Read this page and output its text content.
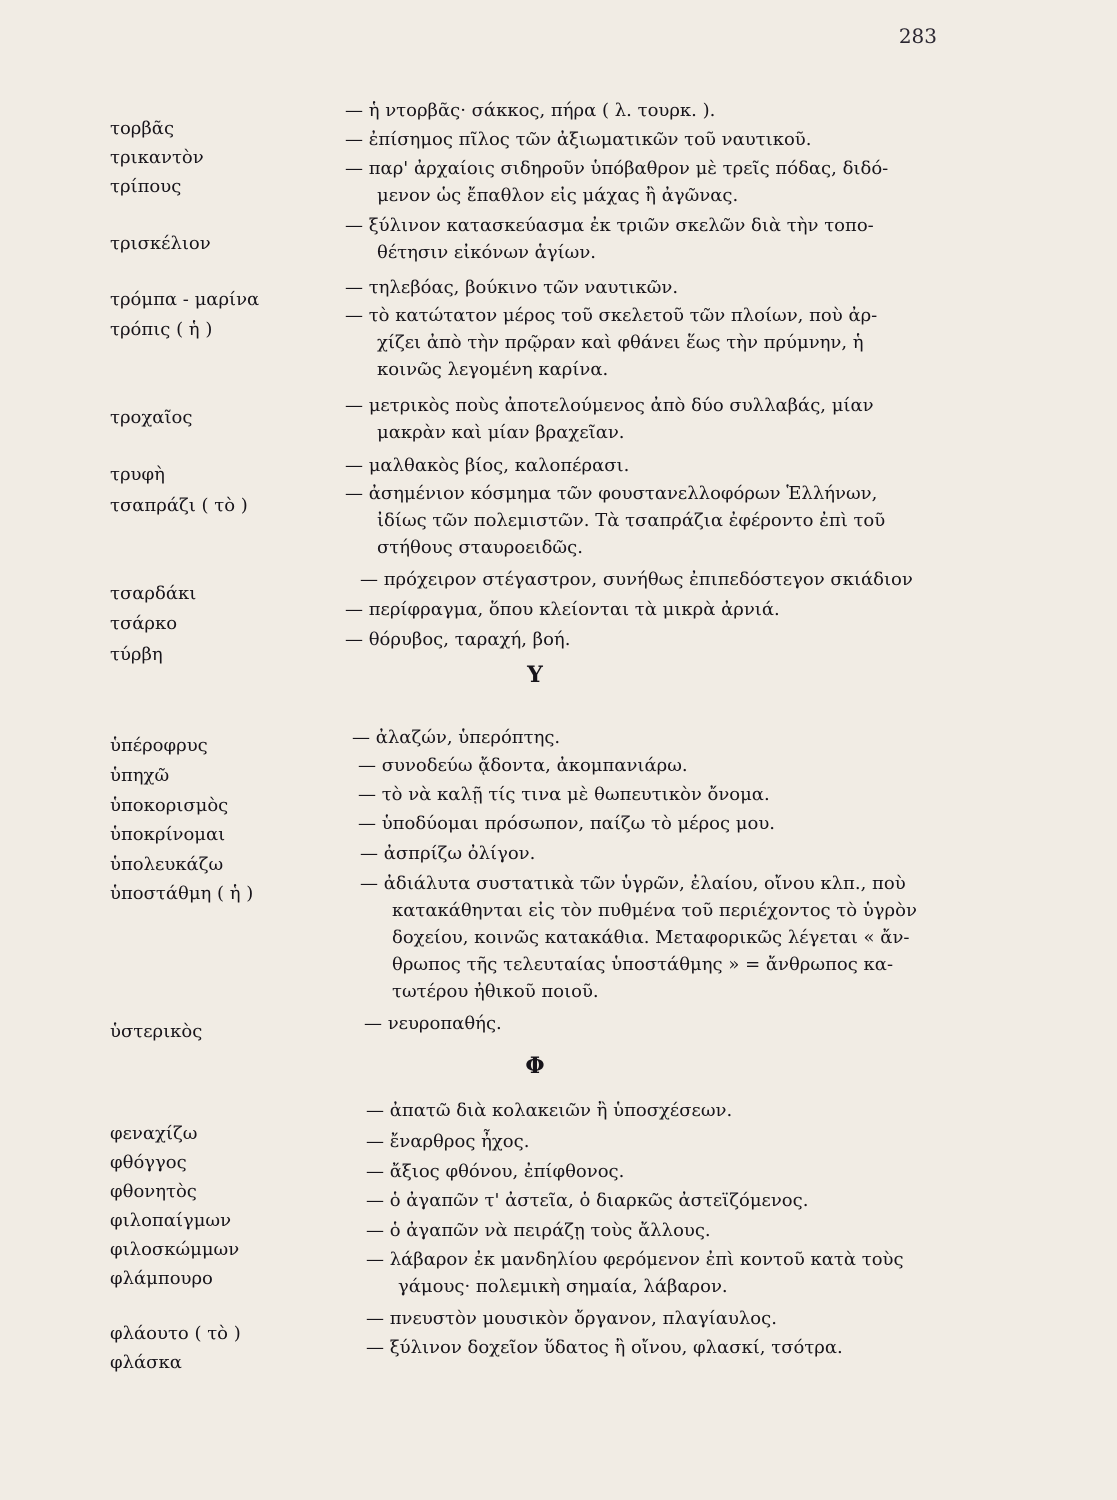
283
τορβᾶς
— ἡ ντορβᾶς· σάκκος, πήρα ( λ. τουρκ. ).
τρικαντὸν
— ἐπίσημος πῖλος τῶν ἀξιωματικῶν τοῦ ναυτικοῦ.
τρίπους
— παρ' ἀρχαίοις σιδηροῦν ὑπόβαθρον μὲ τρεῖς πόδας, διδό-
μενον ὡς ἔπαθλον εἰς μάχας ἢ ἀγῶνας.
τρισκέλιον
— ξύλινον κατασκεύασμα ἐκ τριῶν σκελῶν διὰ τὴν τοπο-
θέτησιν εἰκόνων ἁγίων.
τρόμπα - μαρίνα
— τηλεβόας, βούκινο τῶν ναυτικῶν.
τρόπις ( ἡ )
— τὸ κατώτατον μέρος τοῦ σκελετοῦ τῶν πλοίων, ποὺ ἀρ-
χίζει ἀπὸ τὴν πρῷραν καὶ φθάνει ἕως τὴν πρύμνην, ἡ
κοινῶς λεγομένη καρίνα.
τροχαῖος
— μετρικὸς ποὺς ἀποτελούμενος ἀπὸ δύο συλλαβάς, μίαν
μακρὰν καὶ μίαν βραχεῖαν.
τρυφὴ	— μαλθακὸς βίος, καλοπέρασι.
τσαπράζι ( τὸ )
— ἀσημένιον κόσμημα τῶν φουστανελλοφόρων Ἑλλήνων,
ἰδίως τῶν πολεμιστῶν. Τὰ τσαπράζια ἐφέροντο ἐπὶ τοῦ
στήθους σταυροειδῶς.
τσαρδάκι
— πρόχειρον στέγαστρον, συνήθως ἐπιπεδόστεγον σκιάδιον
τσάρκο
— περίφραγμα, ὅπου κλείονται τὰ μικρὰ ἀρνιά.
τύρβη
— θόρυβος, ταραχή, βοή.
Υ
ὑπέροφρυς	— ἀλαζών, ὑπερόπτης.
ὑπηχῶ	— συνοδεύω ᾄδοντα, ἀκομπανιάρω.
ὑποκορισμὸς
— τὸ νὰ καλῇ τίς τινα μὲ θωπευτικὸν ὄνομα.
ὑποκρίνομαι
— ὑποδύομαι πρόσωπον, παίζω τὸ μέρος μου.
ὑπολευκάζω
— ἀσπρίζω ὀλίγον.
ὑποστάθμη ( ἡ )	— ἀδιάλυτα συστατικὰ τῶν ὑγρῶν, ἐλαίου, οἴνου κλπ., ποὺ
κατακάθηνται εἰς τὸν πυθμένα τοῦ περιέχοντος τὸ ὑγρὸν
δοχείου, κοινῶς κατακάθια. Μεταφορικῶς λέγεται « ἄν-
θρωπος τῆς τελευταίας ὑποστάθμης » = ἄνθρωπος κα-
τωτέρου ἠθικοῦ ποιοῦ.
ὑστερικὸς	— νευροπαθής.
Φ
φεναχίζω
— ἀπατῶ διὰ κολακειῶν ἢ ὑποσχέσεων.
φθόγγος
— ἔναρθρος ἦχος.
φθονητὸς
— ἄξιος φθόνου, ἐπίφθονος.
φιλοπαίγμων
— ὁ ἀγαπῶν τ' ἀστεῖα, ὁ διαρκῶς ἀστεϊζόμενος.
φιλοσκώμμων
— ὁ ἀγαπῶν νὰ πειράζῃ τοὺς ἄλλους.
φλάμπουρο
— λάβαρον ἐκ μανδηλίου φερόμενον ἐπὶ κοντοῦ κατὰ τοὺς
γάμους· πολεμικὴ σημαία, λάβαρον.
φλάουτο ( τὸ )
— πνευστὸν μουσικὸν ὄργανον, πλαγίαυλος.
φλάσκα
— ξύλινον δοχεῖον ὕδατος ἢ οἴνου, φλασκί, τσότρα.
